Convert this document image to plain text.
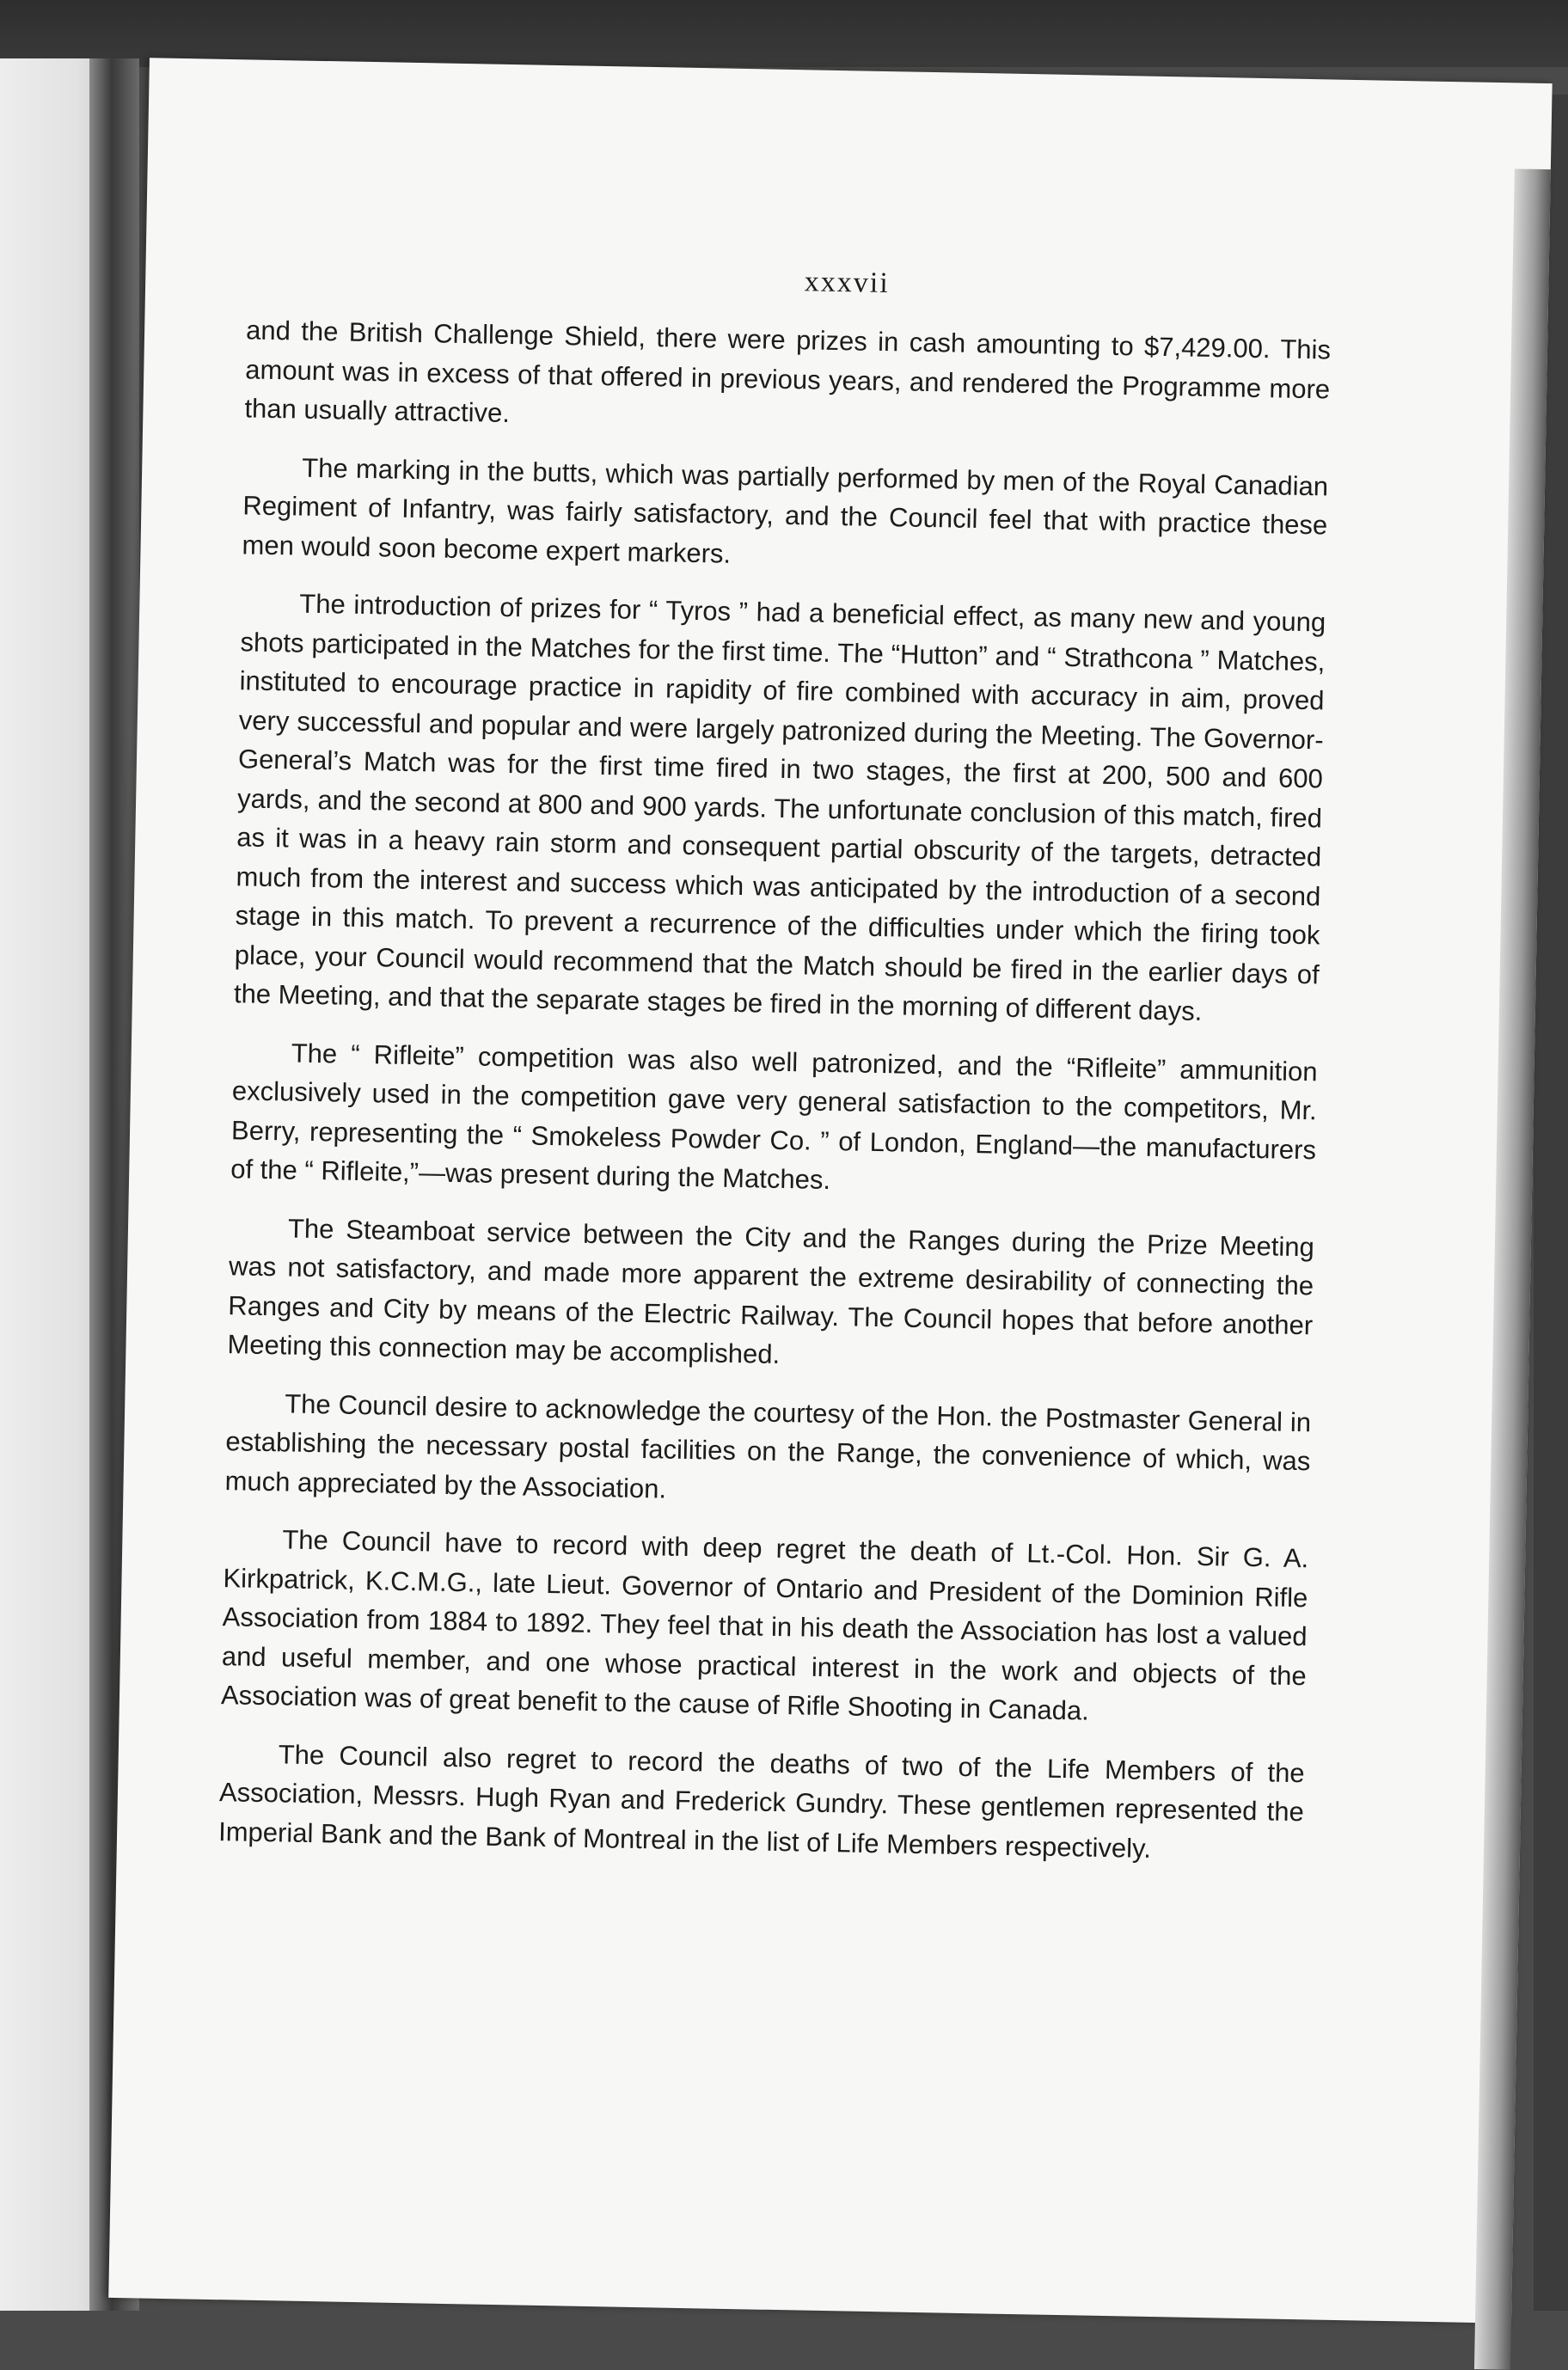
xxxvii

and the British Challenge Shield, there were prizes in cash amounting to $7,429.00. This amount was in excess of that offered in previous years, and rendered the Programme more than usually attractive.

The marking in the butts, which was partially performed by men of the Royal Canadian Regiment of Infantry, was fairly satisfactory, and the Council feel that with practice these men would soon become expert markers.

The introduction of prizes for “ Tyros ” had a beneficial effect, as many new and young shots participated in the Matches for the first time. The “Hutton” and “ Strathcona ” Matches, instituted to encourage practice in rapidity of fire combined with accuracy in aim, proved very successful and popular and were largely patronized during the Meeting. The Governor-General’s Match was for the first time fired in two stages, the first at 200, 500 and 600 yards, and the second at 800 and 900 yards. The unfortunate conclusion of this match, fired as it was in a heavy rain storm and consequent partial obscurity of the targets, detracted much from the interest and success which was anticipated by the introduction of a second stage in this match. To prevent a recurrence of the difficulties under which the firing took place, your Council would recommend that the Match should be fired in the earlier days of the Meeting, and that the separate stages be fired in the morning of different days.

The “ Rifleite” competition was also well patronized, and the “Rifleite” ammunition exclusively used in the competition gave very general satisfaction to the competitors, Mr. Berry, representing the “ Smokeless Powder Co. ” of London, England—the manufacturers of the “ Rifleite,”—was present during the Matches.

The Steamboat service between the City and the Ranges during the Prize Meeting was not satisfactory, and made more apparent the extreme desirability of connecting the Ranges and City by means of the Electric Railway. The Council hopes that before another Meeting this connection may be accomplished.

The Council desire to acknowledge the courtesy of the Hon. the Postmaster General in establishing the necessary postal facilities on the Range, the convenience of which, was much appreciated by the Association.

The Council have to record with deep regret the death of Lt.-Col. Hon. Sir G. A. Kirkpatrick, K.C.M.G., late Lieut. Governor of Ontario and President of the Dominion Rifle Association from 1884 to 1892. They feel that in his death the Association has lost a valued and useful member, and one whose practical interest in the work and objects of the Association was of great benefit to the cause of Rifle Shooting in Canada.

The Council also regret to record the deaths of two of the Life Members of the Association, Messrs. Hugh Ryan and Frederick Gundry. These gentlemen represented the Imperial Bank and the Bank of Montreal in the list of Life Members respectively.
